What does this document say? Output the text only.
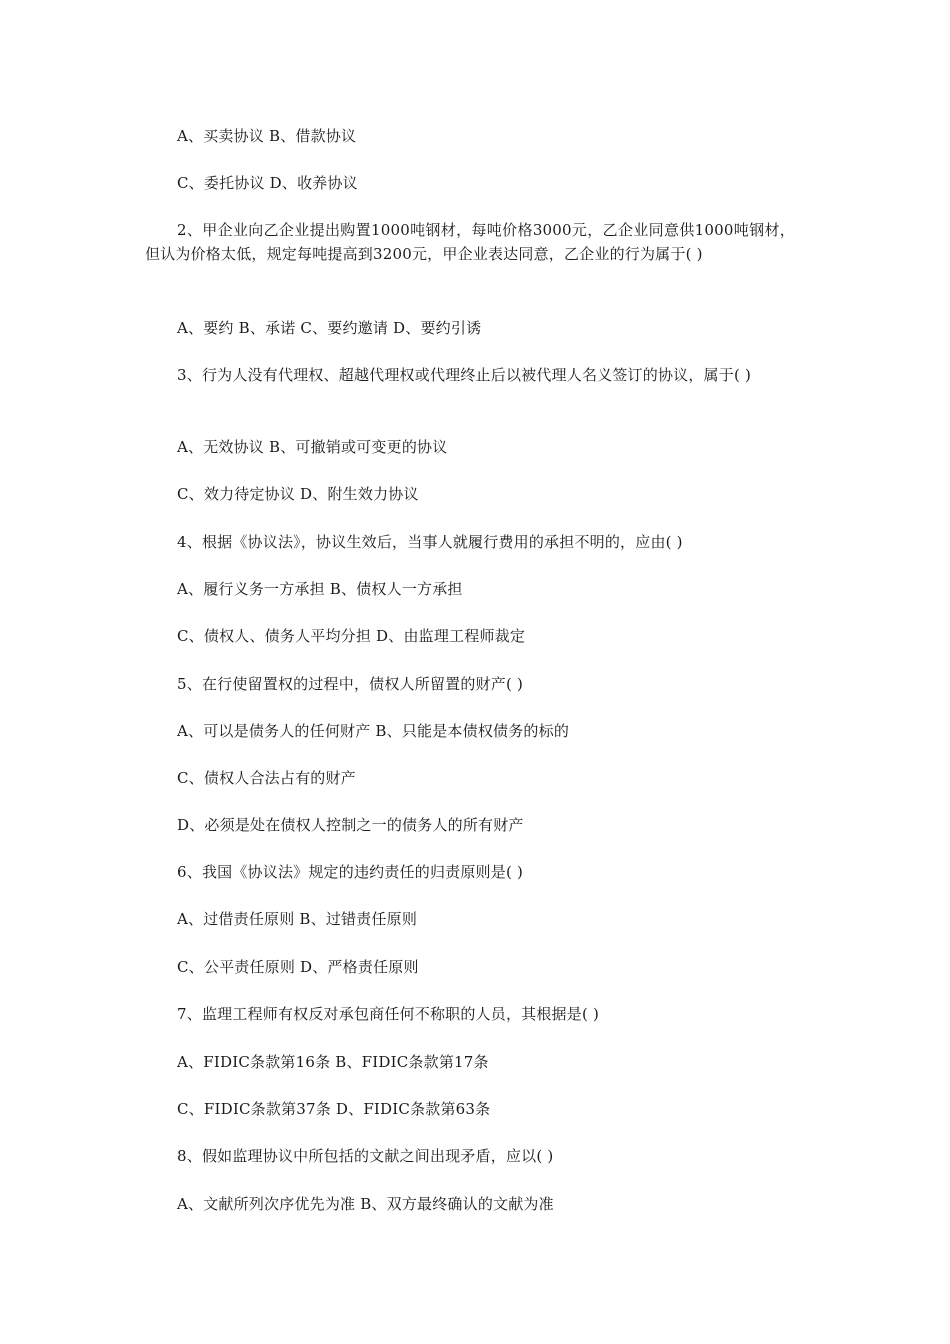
A、买卖协议 B、借款协议
C、委托协议 D、收养协议
2、甲企业向乙企业提出购置1000吨钢材，每吨价格3000元，乙企业同意供1000吨钢材，但认为价格太低，规定每吨提高到3200元，甲企业表达同意，乙企业的行为属于( )
A、要约 B、承诺 C、要约邀请 D、要约引诱
3、行为人没有代理权、超越代理权或代理终止后以被代理人名义签订的协议，属于( )
A、无效协议 B、可撤销或可变更的协议
C、效力待定协议 D、附生效力协议
4、根据《协议法》，协议生效后，当事人就履行费用的承担不明的，应由( )
A、履行义务一方承担 B、债权人一方承担
C、债权人、债务人平均分担 D、由监理工程师裁定
5、在行使留置权的过程中，债权人所留置的财产( )
A、可以是债务人的任何财产 B、只能是本债权债务的标的
C、债权人合法占有的财产
D、必须是处在债权人控制之一的债务人的所有财产
6、我国《协议法》规定的违约责任的归责原则是( )
A、过借责任原则 B、过错责任原则
C、公平责任原则 D、严格责任原则
7、监理工程师有权反对承包商任何不称职的人员，其根据是( )
A、FIDIC条款第16条 B、FIDIC条款第17条
C、FIDIC条款第37条 D、FIDIC条款第63条
8、假如监理协议中所包括的文献之间出现矛盾，应以( )
A、文献所列次序优先为准 B、双方最终确认的文献为准
